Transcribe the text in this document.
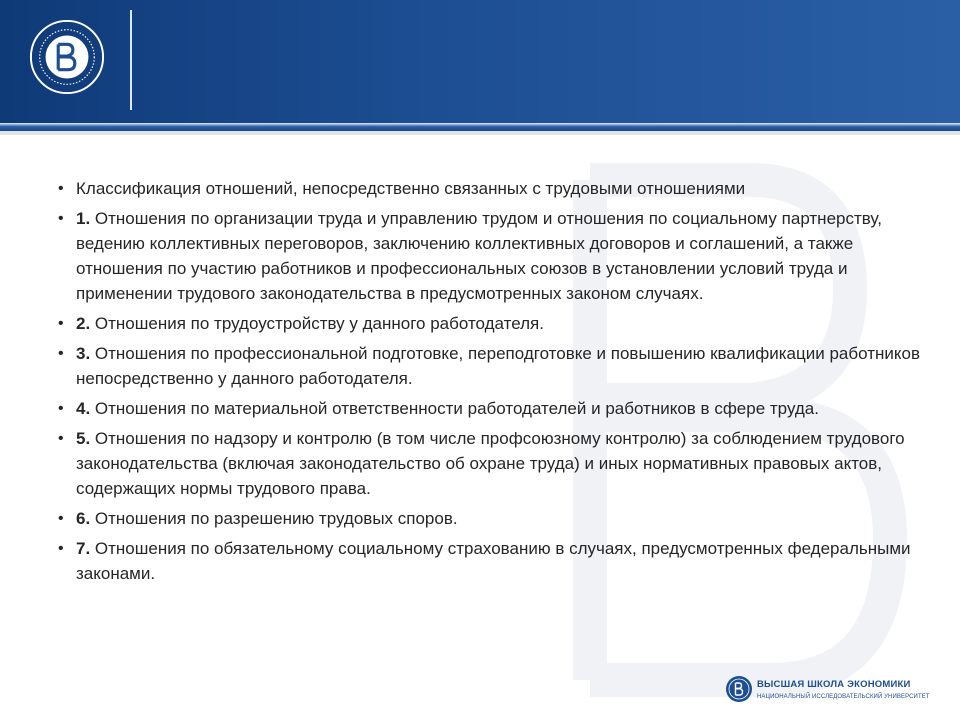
• Классификация отношений, непосредственно связанных с трудовыми отношениями
• 1. Отношения по организации труда и управлению трудом и отношения по социальному партнерству, ведению коллективных переговоров, заключению коллективных договоров и соглашений, а также отношения по участию работников и профессиональных союзов в установлении условий труда и применении трудового законодательства в предусмотренных законом случаях.
• 2. Отношения по трудоустройству у данного работодателя.
• 3. Отношения по профессиональной подготовке, переподготовке и повышению квалификации работников непосредственно у данного работодателя.
• 4. Отношения по материальной ответственности работодателей и работников в сфере труда.
• 5. Отношения по надзору и контролю (в том числе профсоюзному контролю) за соблюдением трудового законодательства (включая законодательство об охране труда) и иных нормативных правовых актов, содержащих нормы трудового права.
• 6. Отношения по разрешению трудовых споров.
• 7. Отношения по обязательному социальному страхованию в случаях, предусмотренных федеральными законами.
ВЫСШАЯ ШКОЛА ЭКОНОМИКИ
НАЦИОНАЛЬНЫЙ ИССЛЕДОВАТЕЛЬСКИЙ УНИВЕРСИТЕТ
